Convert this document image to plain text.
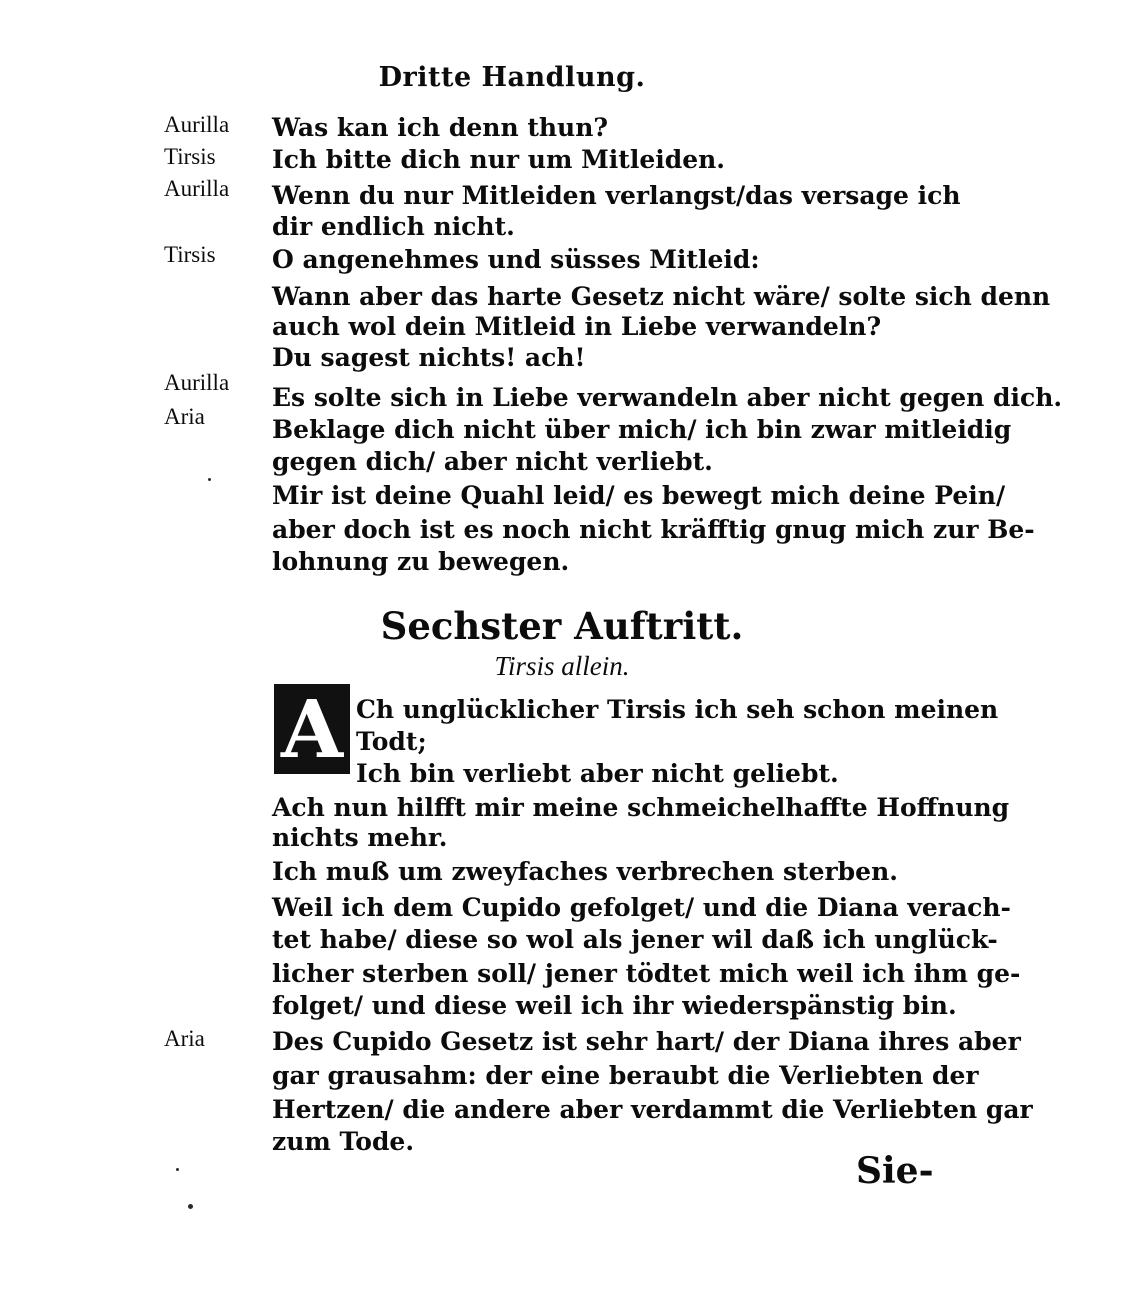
Dritte Handlung.
Aurilla
Tirsis
Aurilla
Tirsis
Aurilla
Aria
Aria
Was kan ich denn thun?
Ich bitte dich nur um Mitleiden.
Wenn du nur Mitleiden verlangst/das versage ich
dir endlich nicht.
O angenehmes und süsses Mitleid:
Wann aber das harte Gesetz nicht wäre/ solte sich denn
auch wol dein Mitleid in Liebe verwandeln?
Du sagest nichts! ach!
Es solte sich in Liebe verwandeln aber nicht gegen dich.
Beklage dich nicht über mich/ ich bin zwar mitleidig
gegen dich/ aber nicht verliebt.
Mir ist deine Quahl leid/ es bewegt mich deine Pein/
aber doch ist es noch nicht kräfftig gnug mich zur Be-
lohnung zu bewegen.
Sechster Auftritt.
Tirsis allein.
A Ch unglücklicher Tirsis ich seh schon meinen
Todt;
Ich bin verliebt aber nicht geliebt.
Ach nun hilfft mir meine schmeichelhaffte Hoffnung
nichts mehr.
Ich muß um zweyfaches verbrechen sterben.
Weil ich dem Cupido gefolget/ und die Diana verach-
tet habe/ diese so wol als jener wil daß ich unglück-
licher sterben soll/ jener tödtet mich weil ich ihm ge-
folget/ und diese weil ich ihr wiederspänstig bin.
Des Cupido Gesetz ist sehr hart/ der Diana ihres aber
gar grausahm: der eine beraubt die Verliebten der
Hertzen/ die andere aber verdammt die Verliebten gar
zum Tode.
Sie-
